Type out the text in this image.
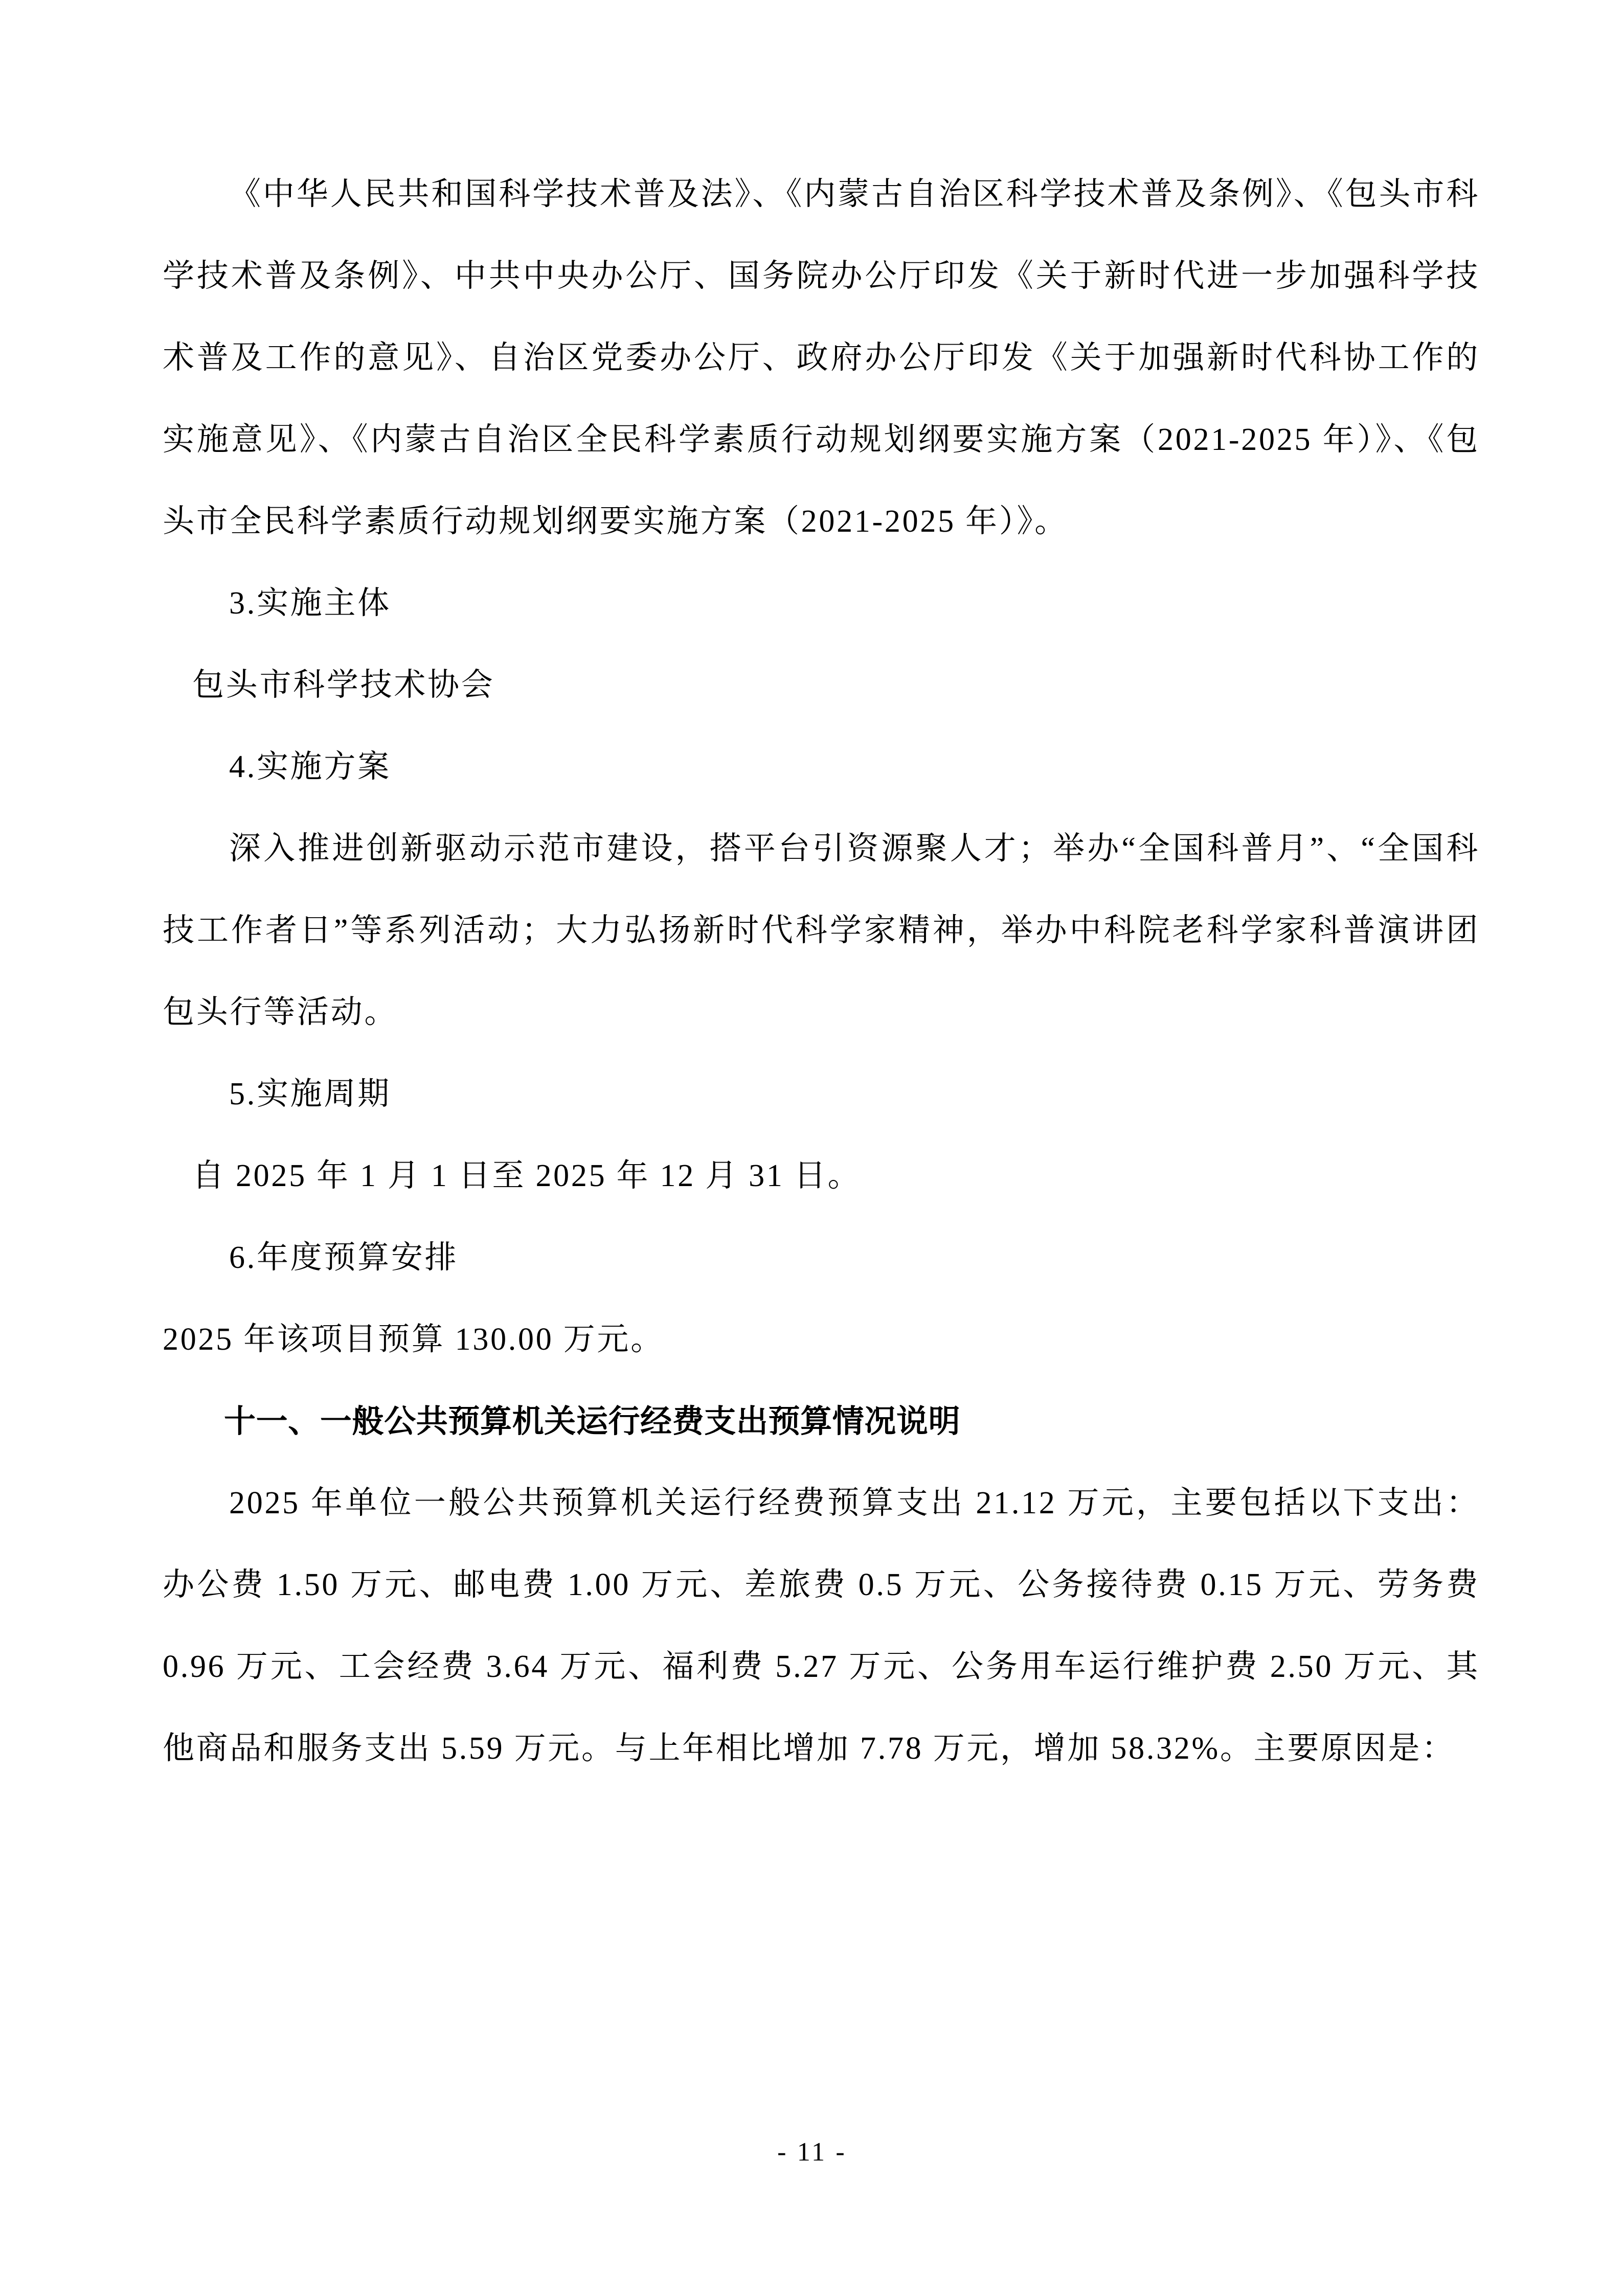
《中华人民共和国科学技术普及法》、《内蒙古自治区科学技术普及条例》、《包头市科学技术普及条例》、中共中央办公厅、国务院办公厅印发《关于新时代进一步加强科学技术普及工作的意见》、自治区党委办公厅、政府办公厅印发《关于加强新时代科协工作的实施意见》、《内蒙古自治区全民科学素质行动规划纲要实施方案（2021-2025 年）》、《包头市全民科学素质行动规划纲要实施方案（2021-2025 年）》。

3.实施主体

包头市科学技术协会

4.实施方案

深入推进创新驱动示范市建设，搭平台引资源聚人才；举办“全国科普月”、“全国科技工作者日”等系列活动；大力弘扬新时代科学家精神，举办中科院老科学家科普演讲团包头行等活动。

5.实施周期

自 2025 年 1 月 1 日至 2025 年 12 月 31 日。

6.年度预算安排

2025 年该项目预算 130.00 万元。

十一、一般公共预算机关运行经费支出预算情况说明

2025 年单位一般公共预算机关运行经费预算支出 21.12 万元，主要包括以下支出：办公费 1.50 万元、邮电费 1.00 万元、差旅费 0.5 万元、公务接待费 0.15 万元、劳务费 0.96 万元、工会经费 3.64 万元、福利费 5.27 万元、公务用车运行维护费 2.50 万元、其他商品和服务支出 5.59 万元。与上年相比增加 7.78 万元，增加 58.32%。主要原因是：

- 11 -
